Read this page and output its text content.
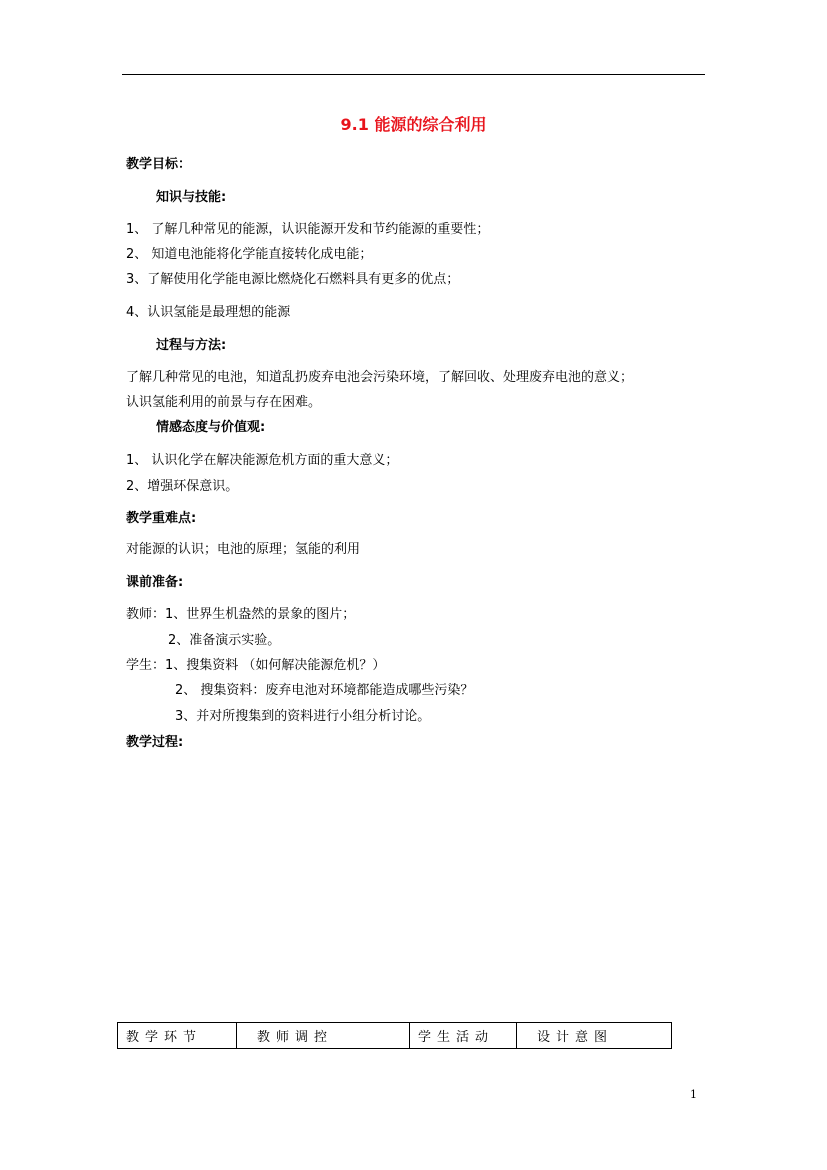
9.1 能源的综合利用
教学目标：
知识与技能:
1、 了解几种常见的能源，认识能源开发和节约能源的重要性；
2、 知道电池能将化学能直接转化成电能；
3、了解使用化学能电源比燃烧化石燃料具有更多的优点；
4、认识氢能是最理想的能源
过程与方法:
了解几种常见的电池，知道乱扔废弃电池会污染环境，了解回收、处理废弃电池的意义；
认识氢能利用的前景与存在困难。
情感态度与价值观:
1、 认识化学在解决能源危机方面的重大意义；
2、增强环保意识。
教学重难点:
对能源的认识；电池的原理；氢能的利用
课前准备:
教师：1、世界生机盎然的景象的图片；
2、准备演示实验。
学生：1、搜集资料 （如何解决能源危机？）
2、 搜集资料：废弃电池对环境都能造成哪些污染？
3、并对所搜集到的资料进行小组分析讨论。
教学过程:
教学环节	教师调控	学生活动	设计意图
1
